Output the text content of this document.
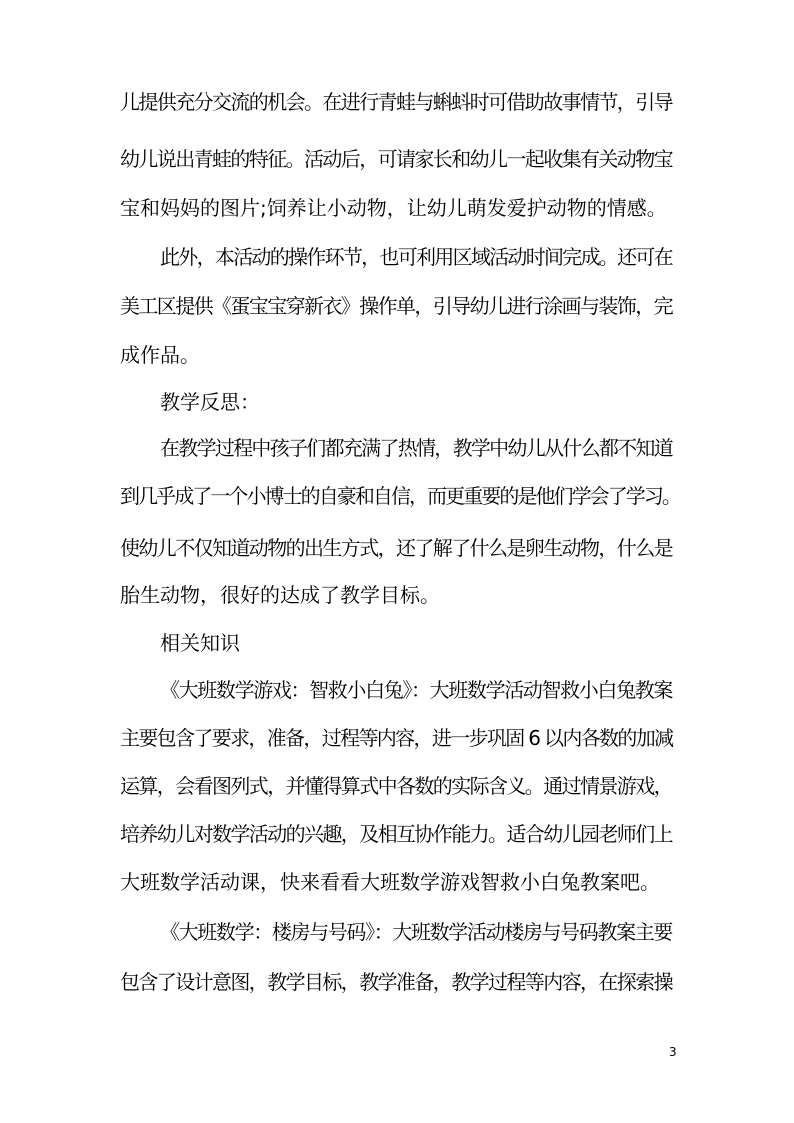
儿提供充分交流的机会。在进行青蛙与蝌蚪时可借助故事情节，引导
幼儿说出青蛙的特征。活动后，可请家长和幼儿一起收集有关动物宝
宝和妈妈的图片;饲养让小动物，让幼儿萌发爱护动物的情感。
此外，本活动的操作环节，也可利用区域活动时间完成。还可在
美工区提供《蛋宝宝穿新衣》操作单，引导幼儿进行涂画与装饰，完
成作品。
教学反思：
在教学过程中孩子们都充满了热情，教学中幼儿从什么都不知道
到几乎成了一个小博士的自豪和自信，而更重要的是他们学会了学习。
使幼儿不仅知道动物的出生方式，还了解了什么是卵生动物，什么是
胎生动物，很好的达成了教学目标。
相关知识
《大班数学游戏：智救小白兔》：大班数学活动智救小白兔教案
主要包含了要求，准备，过程等内容，进一步巩固 6 以内各数的加减
运算，会看图列式，并懂得算式中各数的实际含义。通过情景游戏，
培养幼儿对数学活动的兴趣，及相互协作能力。适合幼儿园老师们上
大班数学活动课，快来看看大班数学游戏智救小白兔教案吧。
《大班数学：楼房与号码》：大班数学活动楼房与号码教案主要
包含了设计意图，教学目标，教学准备，教学过程等内容，在探索操
3
